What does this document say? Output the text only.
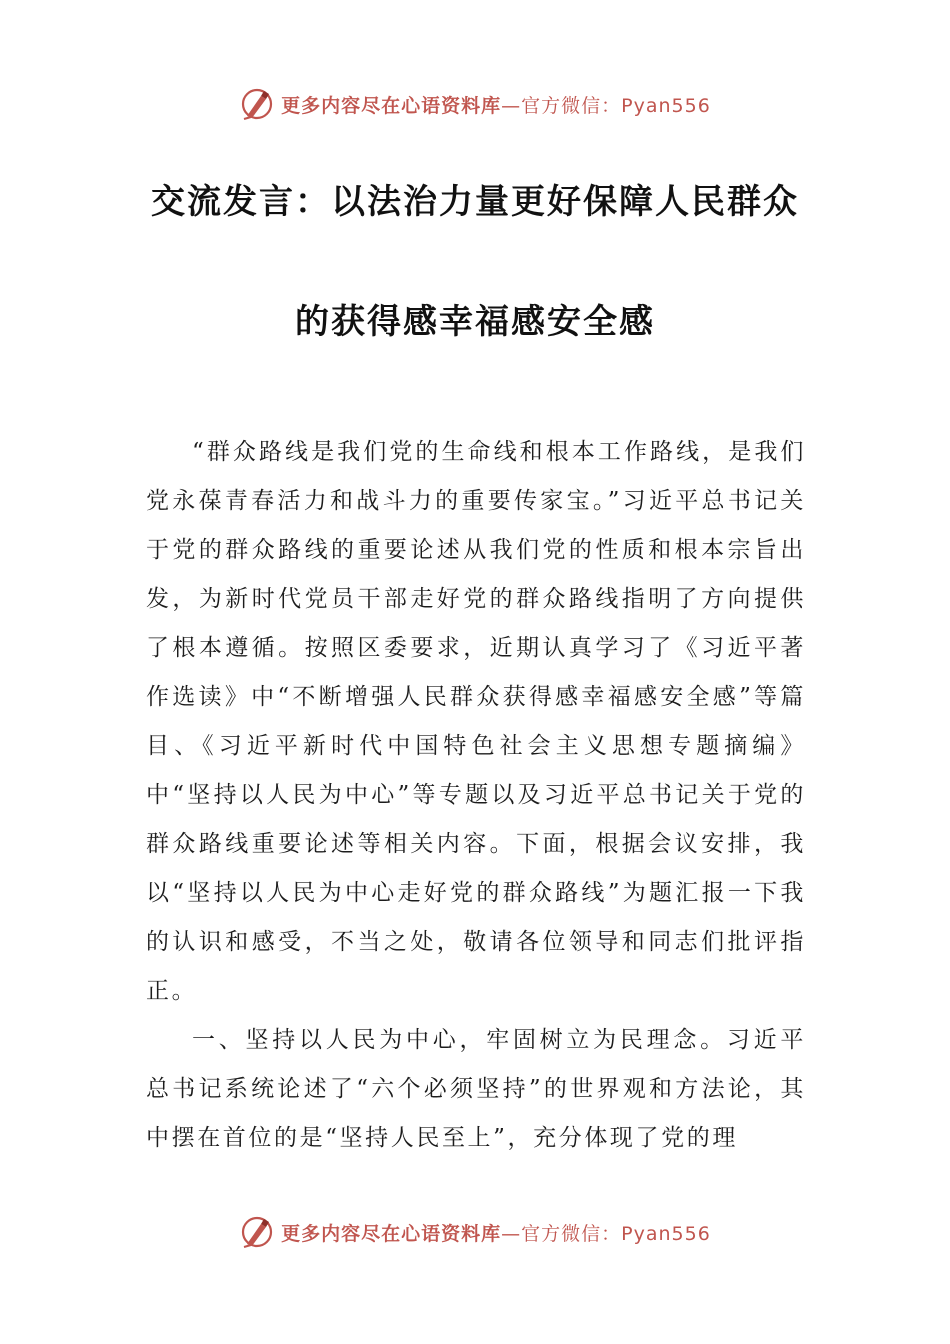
更多内容尽在心语资料库—官方微信：Pyan556
交流发言：以法治力量更好保障人民群众
的获得感幸福感安全感

“群众路线是我们党的生命线和根本工作路线，是我们党永葆青春活力和战斗力的重要传家宝。”习近平总书记关于党的群众路线的重要论述从我们党的性质和根本宗旨出发，为新时代党员干部走好党的群众路线指明了方向提供了根本遵循。按照区委要求，近期认真学习了《习近平著作选读》中“不断增强人民群众获得感幸福感安全感”等篇目、《习近平新时代中国特色社会主义思想专题摘编》中“坚持以人民为中心”等专题以及习近平总书记关于党的群众路线重要论述等相关内容。下面，根据会议安排，我以“坚持以人民为中心走好党的群众路线”为题汇报一下我的认识和感受，不当之处，敬请各位领导和同志们批评指正。

一、坚持以人民为中心，牢固树立为民理念。习近平总书记系统论述了“六个必须坚持”的世界观和方法论，其中摆在首位的是“坚持人民至上”，充分体现了党的理

更多内容尽在心语资料库—官方微信：Pyan556
